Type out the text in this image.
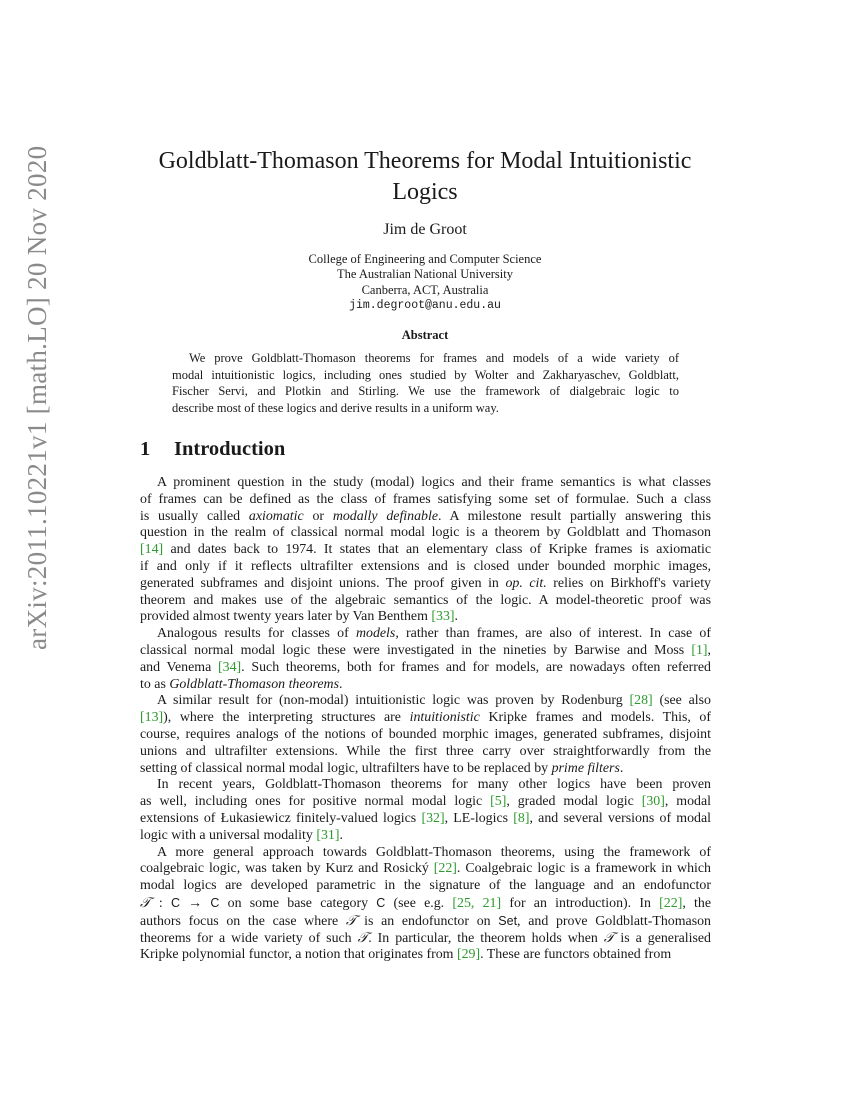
arXiv:2011.10221v1 [math.LO] 20 Nov 2020	Goldblatt-Thomason Theorems for Modal Intuitionistic
Logics
Jim de Groot
College of Engineering and Computer Science
The Australian National University
Canberra, ACT, Australia
jim.degroot@anu.edu.au
Abstract
We prove Goldblatt-Thomason theorems for frames and models of a wide variety of
modal intuitionistic logics, including ones studied by Wolter and Zakharyaschev, Goldblatt,
Fischer Servi, and Plotkin and Stirling. We use the framework of dialgebraic logic to
describe most of these logics and derive results in a uniform way.
1 Introduction
A prominent question in the study (modal) logics and their frame semantics is what classes
of frames can be defined as the class of frames satisfying some set of formulae. Such a class
is usually called axiomatic or modally definable. A milestone result partially answering this
question in the realm of classical normal modal logic is a theorem by Goldblatt and Thomason
[14] and dates back to 1974. It states that an elementary class of Kripke frames is axiomatic
if and only if it reflects ultrafilter extensions and is closed under bounded morphic images,
generated subframes and disjoint unions. The proof given in op. cit. relies on Birkhoff's variety
theorem and makes use of the algebraic semantics of the logic. A model-theoretic proof was
provided almost twenty years later by Van Benthem [33].
Analogous results for classes of models, rather than frames, are also of interest. In case of
classical normal modal logic these were investigated in the nineties by Barwise and Moss [1],
and Venema [34]. Such theorems, both for frames and for models, are nowadays often referred
to as Goldblatt-Thomason theorems.
A similar result for (non-modal) intuitionistic logic was proven by Rodenburg [28] (see also
[13]), where the interpreting structures are intuitionistic Kripke frames and models. This, of
course, requires analogs of the notions of bounded morphic images, generated subframes, disjoint
unions and ultrafilter extensions. While the first three carry over straightforwardly from the
setting of classical normal modal logic, ultrafilters have to be replaced by prime filters.
In recent years, Goldblatt-Thomason theorems for many other logics have been proven
as well, including ones for positive normal modal logic [5], graded modal logic [30], modal
extensions of Łukasiewicz finitely-valued logics [32], LE-logics [8], and several versions of modal
logic with a universal modality [31].
A more general approach towards Goldblatt-Thomason theorems, using the framework of
coalgebraic logic, was taken by Kurz and Rosický [22]. Coalgebraic logic is a framework in which
modal logics are developed parametric in the signature of the language and an endofunctor
𝒯 : C → C on some base category C (see e.g. [25, 21] for an introduction). In [22], the
authors focus on the case where 𝒯 is an endofunctor on Set, and prove Goldblatt-Thomason
theorems for a wide variety of such 𝒯. In particular, the theorem holds when 𝒯 is a generalised
Kripke polynomial functor, a notion that originates from [29]. These are functors obtained from
